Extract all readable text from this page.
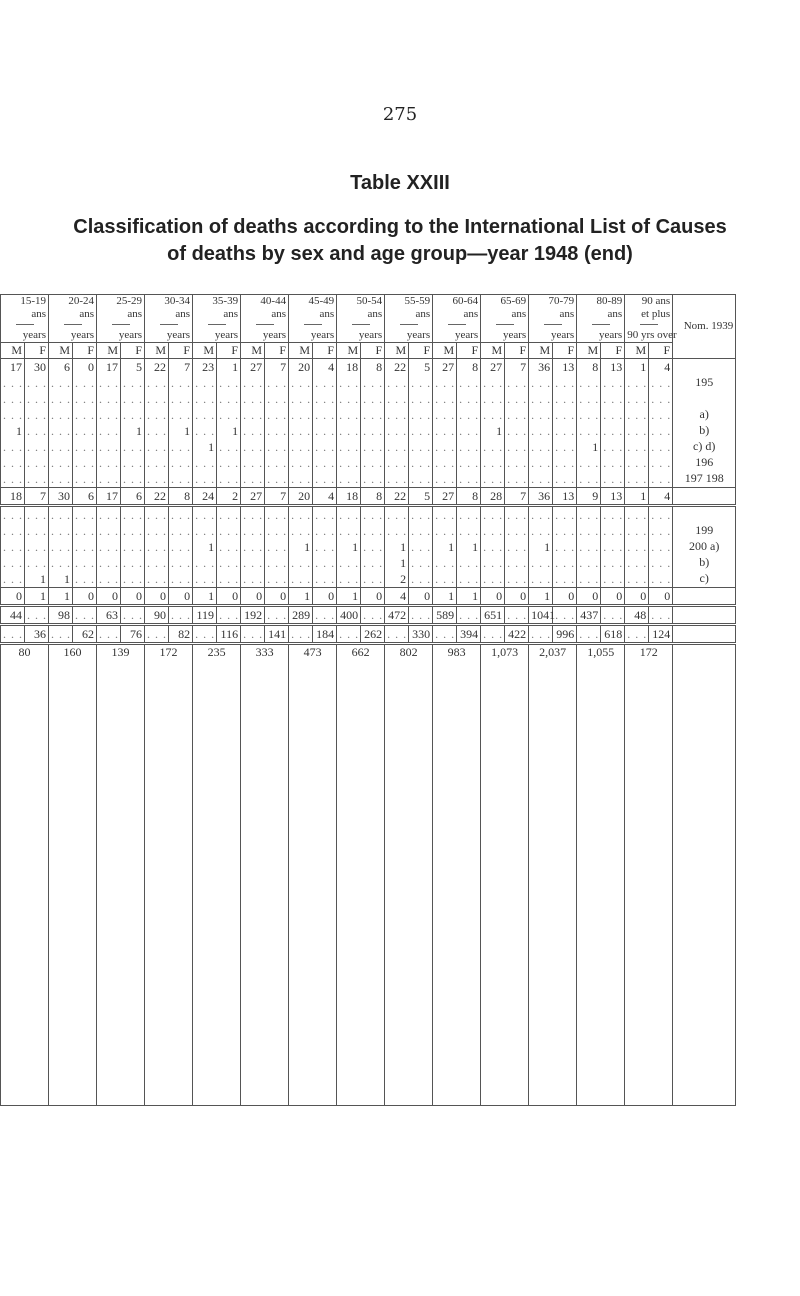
275
Table XXIII
Classification of deaths according to the International List of Causes
of deaths by sex and age group—year 1948 (end)
15-19
ans
years		20-24
ans
years		25-29
ans
years		30-34
ans
years		35-39
ans
years		40-44
ans
years		45-49
ans
years		50-54
ans
years		55-59
ans
years		60-64
ans
years		65-69
ans
years		70-79
ans
years		80-89
ans
years		90 ans
et plus
90 yrs over		Nom. 1939
M	F	M	F	M	F	M	F	M	F	M	F	M	F	M	F	M	F	M	F	M	F	M	F	M	F	M	F	
17	30	6	0	17	5	22	7	23	1	27	7	20	4	18	8	22	5	27	8	27	7	36	13	8	13	1	4	
. . .	. . .	. . .	. . .	. . .	. . .	. . .	. . .	. . .	. . .	. . .	. . .	. . .	. . .	. . .	. . .	. . .	. . .	. . .	. . .	. . .	. . .	. . .	. . .	. . .	. . .	. . .	. . .	195
. . .	. . .	. . .	. . .	. . .	. . .	. . .	. . .	. . .	. . .	. . .	. . .	. . .	. . .	. . .	. . .	. . .	. . .	. . .	. . .	. . .	. . .	. . .	. . .	. . .	. . .	. . .	. . .	
. . .	. . .	. . .	. . .	. . .	. . .	. . .	. . .	. . .	. . .	. . .	. . .	. . .	. . .	. . .	. . .	. . .	. . .	. . .	. . .	. . .	. . .	. . .	. . .	. . .	. . .	. . .	. . .	a)
1	. . .	. . .	. . .	. . .	1	. . .	1	. . .	1	. . .	. . .	. . .	. . .	. . .	. . .	. . .	. . .	. . .	. . .	1	. . .	. . .	. . .	. . .	. . .	. . .	. . .	b)
. . .	. . .	. . .	. . .	. . .	. . .	. . .	. . .	1	. . .	. . .	. . .	. . .	. . .	. . .	. . .	. . .	. . .	. . .	. . .	. . .	. . .	. . .	. . .	1	. . .	. . .	. . .	c) d)
. . .	. . .	. . .	. . .	. . .	. . .	. . .	. . .	. . .	. . .	. . .	. . .	. . .	. . .	. . .	. . .	. . .	. . .	. . .	. . .	. . .	. . .	. . .	. . .	. . .	. . .	. . .	. . .	196
. . .	. . .	. . .	. . .	. . .	. . .	. . .	. . .	. . .	. . .	. . .	. . .	. . .	. . .	. . .	. . .	. . .	. . .	. . .	. . .	. . .	. . .	. . .	. . .	. . .	. . .	. . .	. . .	197 198
18	7	30	6	17	6	22	8	24	2	27	7	20	4	18	8	22	5	27	8	28	7	36	13	9	13	1	4	
. . .	. . .	. . .	. . .	. . .	. . .	. . .	. . .	. . .	. . .	. . .	. . .	. . .	. . .	. . .	. . .	. . .	. . .	. . .	. . .	. . .	. . .	. . .	. . .	. . .	. . .	. . .	. . .	
. . .	. . .	. . .	. . .	. . .	. . .	. . .	. . .	. . .	. . .	. . .	. . .	. . .	. . .	. . .	. . .	. . .	. . .	. . .	. . .	. . .	. . .	. . .	. . .	. . .	. . .	. . .	. . .	199
. . .	. . .	. . .	. . .	. . .	. . .	. . .	. . .	1	. . .	. . .	. . .	1	. . .	1	. . .	1	. . .	1	1	. . .	. . .	1	. . .	. . .	. . .	. . .	. . .	200 a)
. . .	. . .	. . .	. . .	. . .	. . .	. . .	. . .	. . .	. . .	. . .	. . .	. . .	. . .	. . .	. . .	1	. . .	. . .	. . .	. . .	. . .	. . .	. . .	. . .	. . .	. . .	. . .	b)
. . .	1	1	. . .	. . .	. . .	. . .	. . .	. . .	. . .	. . .	. . .	. . .	. . .	. . .	. . .	2	. . .	. . .	. . .	. . .	. . .	. . .	. . .	. . .	. . .	. . .	. . .	c)
0	1	1	0	0	0	0	0	1	0	0	0	1	0	1	0	4	0	1	1	0	0	1	0	0	0	0	0	
44	. . .	98	. . .	63	. . .	90	. . .	119	. . .	192	. . .	289	. . .	400	. . .	472	. . .	589	. . .	651	. . .	1041	. . .	437	. . .	48	. . .	
. . .	36	. . .	62	. . .	76	. . .	82	. . .	116	. . .	141	. . .	184	. . .	262	. . .	330	. . .	394	. . .	422	. . .	996	. . .	618	. . .	124	
80		160		139		172		235		333		473		662		802		983		1,073		2,037		1,055		172		
